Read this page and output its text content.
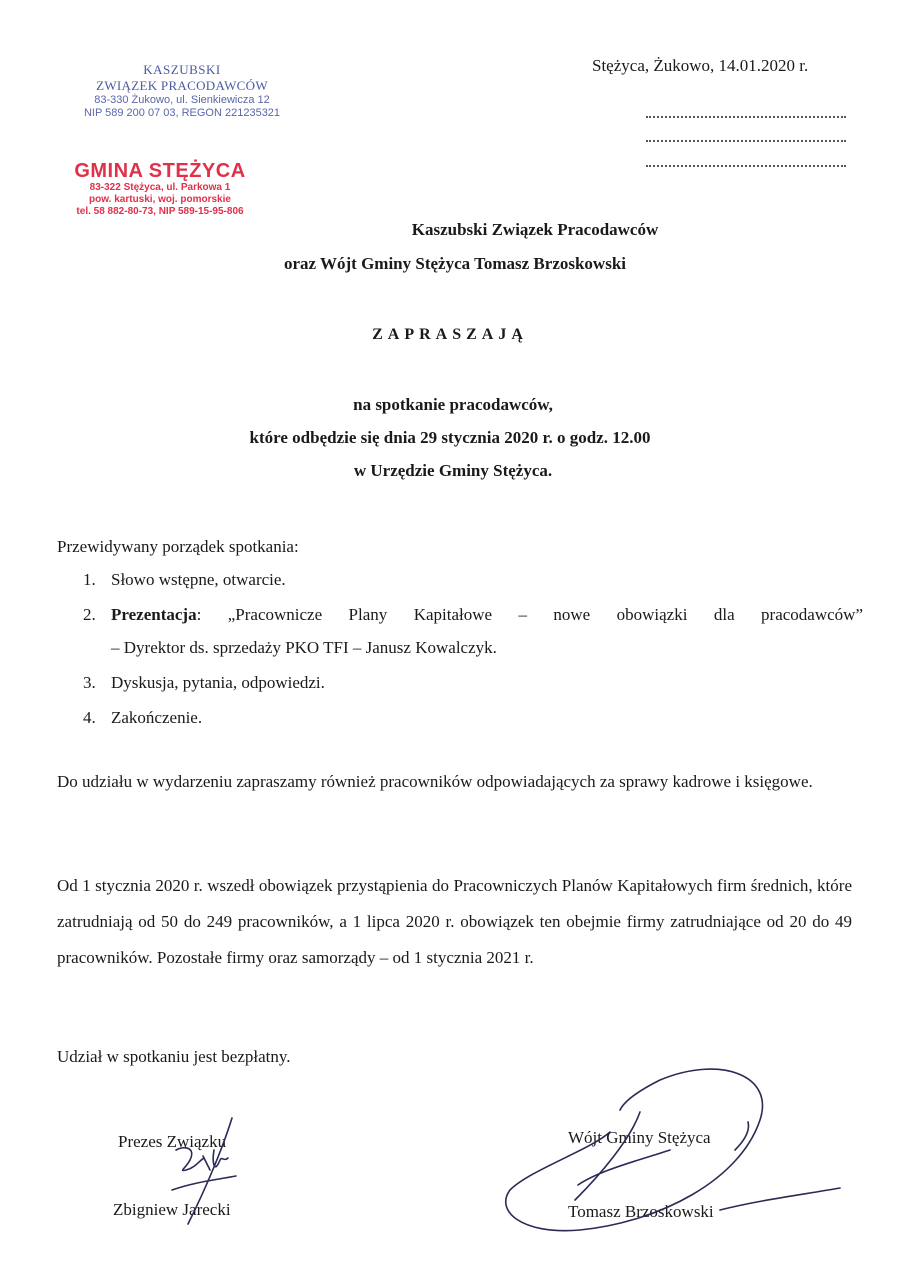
KASZUBSKI
ZWIĄZEK PRACODAWCÓW
83-330 Żukowo, ul. Sienkiewicza 12
NIP 589 200 07 03, REGON 221235321
GMINA STĘŻYCA
83-322 Stężyca, ul. Parkowa 1
pow. kartuski, woj. pomorskie
tel. 58 882-80-73, NIP 589-15-95-806
Stężyca, Żukowo, 14.01.2020 r.
Kaszubski Związek Pracodawców
oraz Wójt Gminy Stężyca Tomasz Brzoskowski
ZAPRASZAJĄ
na spotkanie pracodawców,
które odbędzie się dnia 29 stycznia 2020 r. o godz. 12.00
w Urzędzie Gminy Stężyca.
Przewidywany porządek spotkania:
1. Słowo wstępne, otwarcie.
2. Prezentacja: „Pracownicze Plany Kapitałowe – nowe obowiązki dla pracodawców”
– Dyrektor ds. sprzedaży PKO TFI – Janusz Kowalczyk.
3. Dyskusja, pytania, odpowiedzi.
4. Zakończenie.
Do udziału w wydarzeniu zapraszamy również pracowników odpowiadających za sprawy kadrowe i księgowe.
Od 1 stycznia 2020 r. wszedł obowiązek przystąpienia do Pracowniczych Planów Kapitałowych firm średnich, które zatrudniają od 50 do 249 pracowników, a 1 lipca 2020 r. obowiązek ten obejmie firmy zatrudniające od 20 do 49 pracowników. Pozostałe firmy oraz samorządy – od 1 stycznia 2021 r.
Udział w spotkaniu jest bezpłatny.
Prezes Związku
Zbigniew Jarecki
Wójt Gminy Stężyca
Tomasz Brzoskowski
